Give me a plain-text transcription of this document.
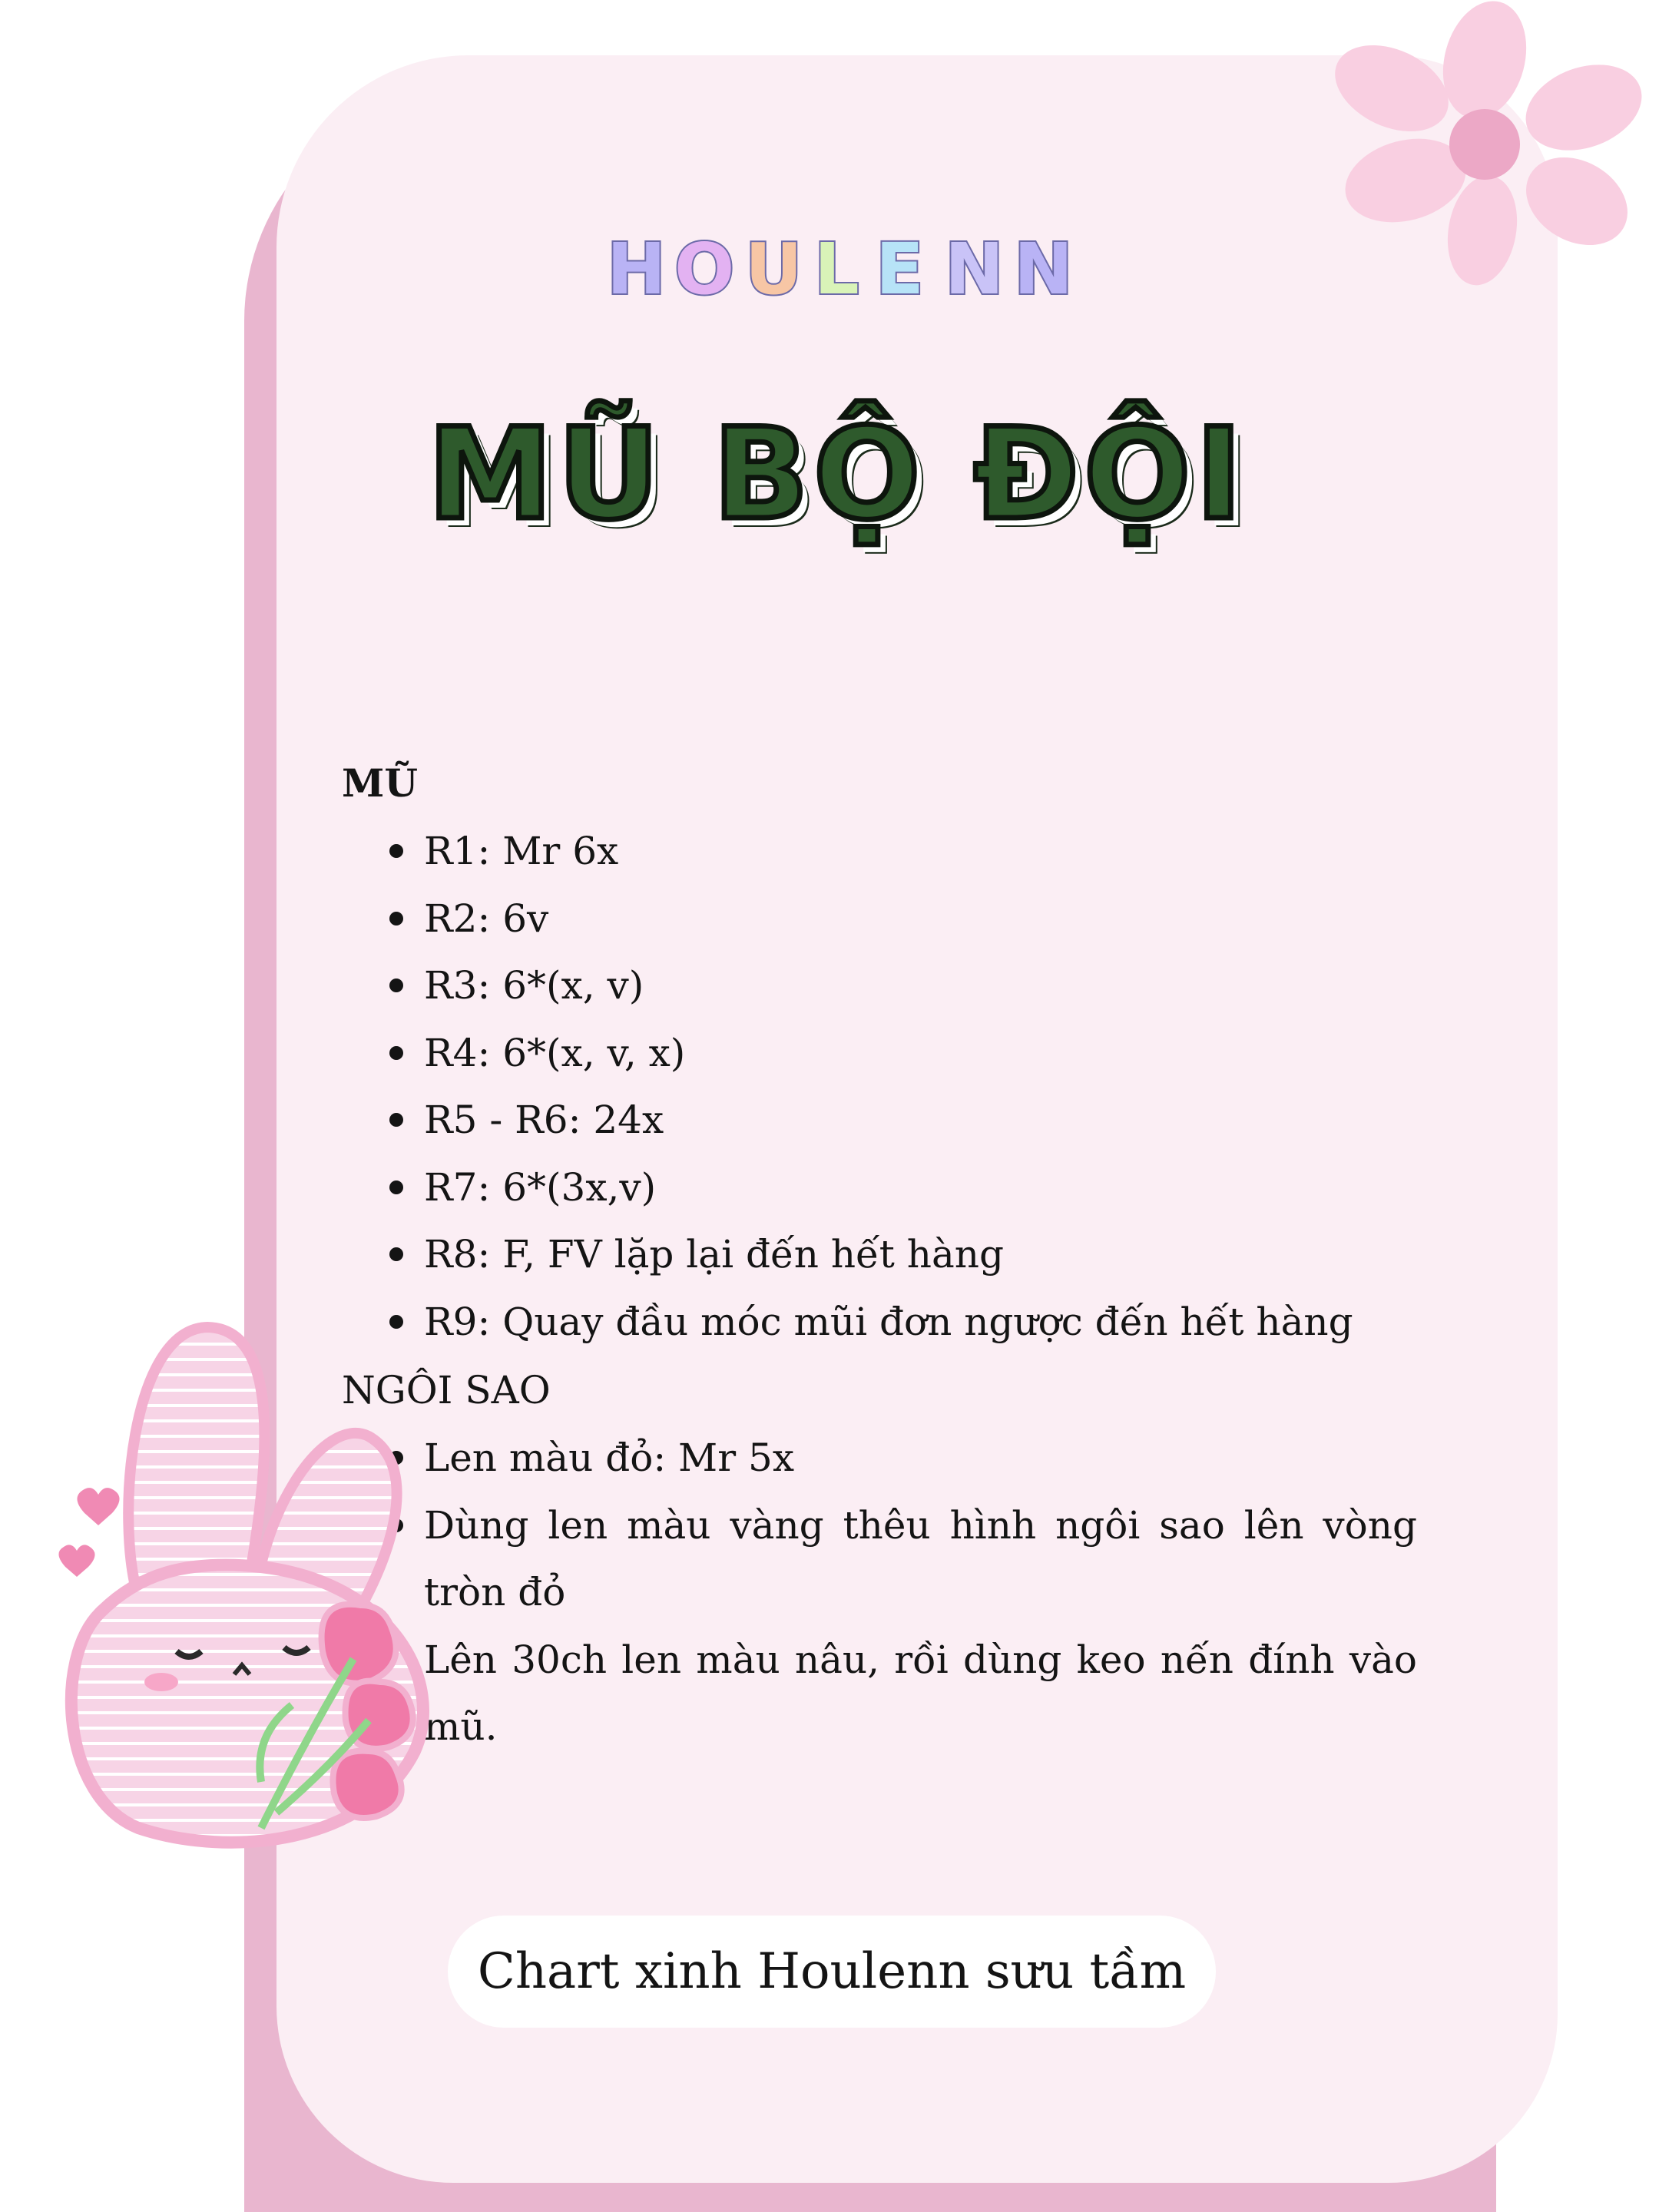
H O U L E N N
MŨ BỘ ĐỘI
MŨ
R1: Mr 6x
R2: 6v
R3: 6*(x, v)
R4: 6*(x, v, x)
R5 - R6: 24x
R7: 6*(3x,v)
R8: F, FV lặp lại đến hết hàng
R9: Quay đầu móc mũi đơn ngược đến hết hàng
NGÔI SAO
Len màu đỏ: Mr 5x
Dùng len màu vàng thêu hình ngôi sao lên vòng tròn đỏ
Lên 30ch len màu nâu, rồi dùng keo nến đính vào mũ.
Chart xinh Houlenn sưu tầm
